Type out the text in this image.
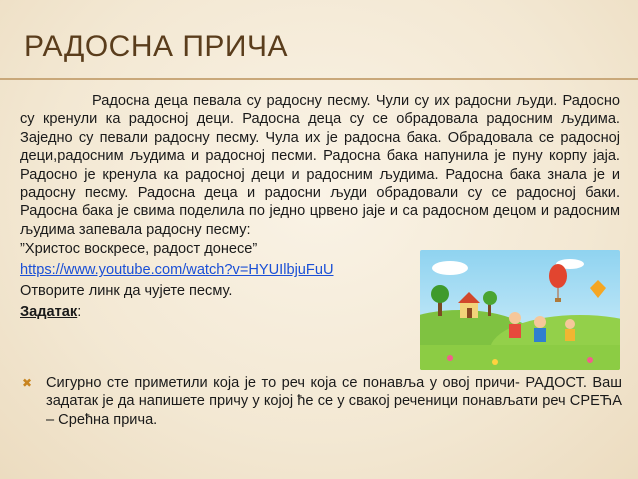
РАДОСНА ПРИЧА

Радосна деца певала су радосну песму. Чули су их радосни људи. Радосно су кренули ка радосној деци. Радосна деца су се обрадовала радосним људима. Заједно су певали радосну песму. Чула их је радосна бака. Обрадовала се радосној деци,радосним људима и радосној песми. Радосна бака напунила је пуну корпу јаја. Радосно је кренула ка радосној деци и радосним људима. Радосна бака знала је и радосну песму. Радосна деца и радосни људи обрадовали су се радосној баки. Радосна бака је свима поделила по једно црвено јаје и са радосном децом и радосним људима запевала радосну песму:

”Христос воскресе, радост донесе”

https://www.youtube.com/watch?v=HYUIlbjuFuU

Отворите линк да чујете песму.

Задатак:

✖ Сигурно сте приметили која је то реч која се понавља у овој причи- РАДОСТ. Ваш задатак је да напишете причу у којој ће се у свакој реченици понављати реч СРЕЋА – Срећна прича.
